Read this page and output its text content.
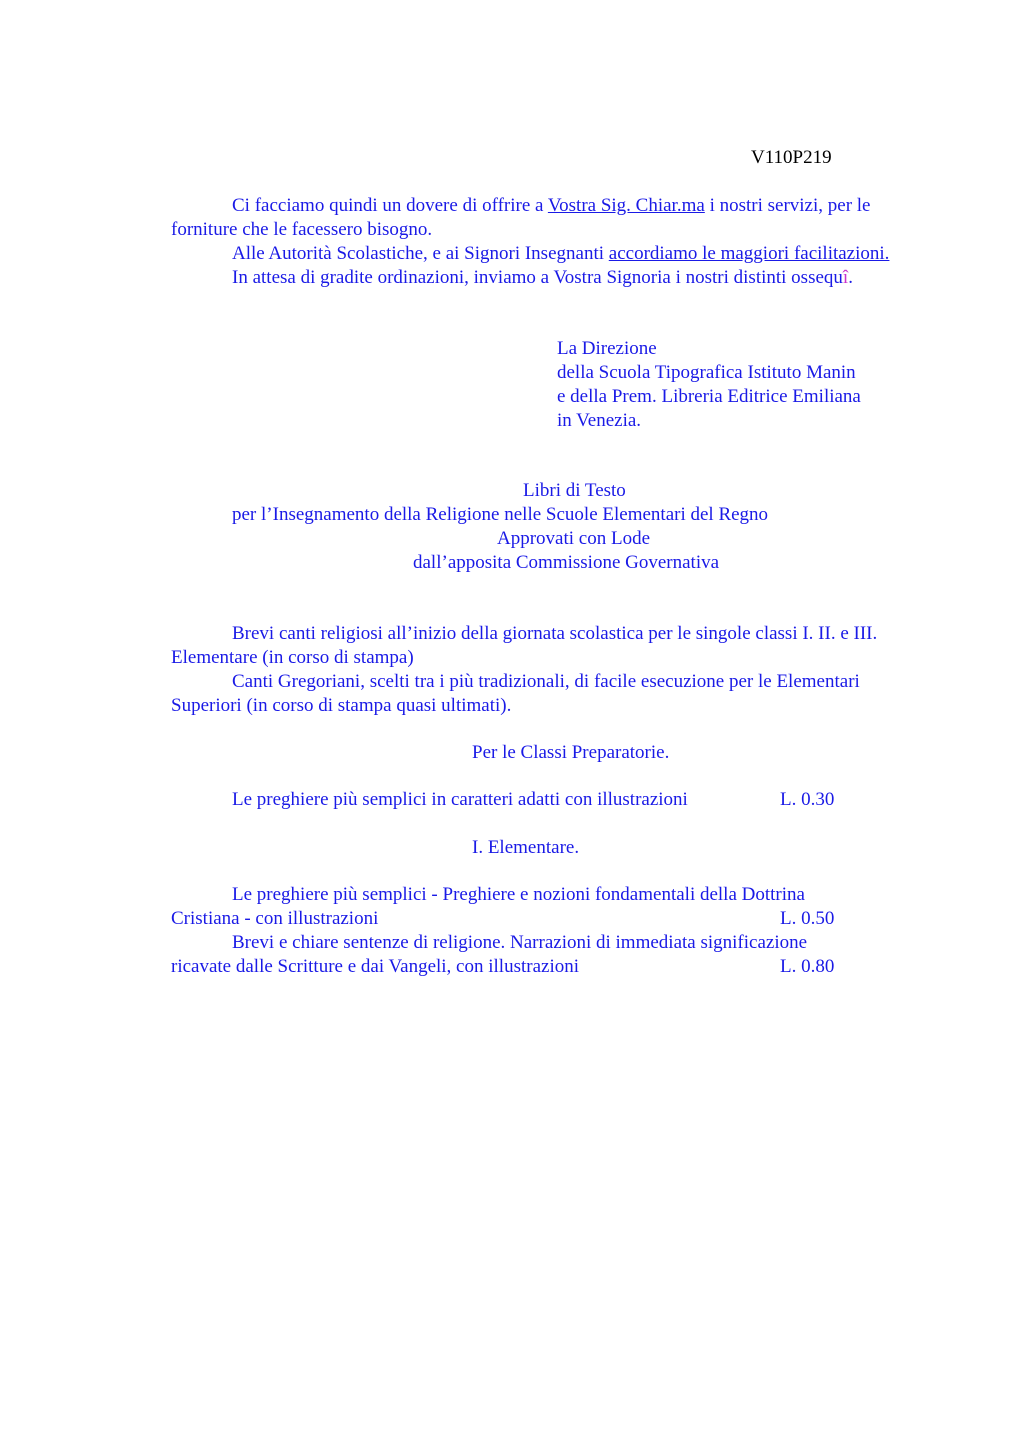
V110P219

Ci facciamo quindi un dovere di offrire a Vostra Sig. Chiar.ma i nostri servizi, per le forniture che le facessero bisogno.

Alle Autorità Scolastiche, e ai Signori Insegnanti accordiamo le maggiori facilitazioni.

In attesa di gradite ordinazioni, inviamo a Vostra Signoria i nostri distinti ossequî.

La Direzione
della Scuola Tipografica Istituto Manin
e della Prem. Libreria Editrice Emiliana
in Venezia.
Libri di Testo
per l’Insegnamento della Religione nelle Scuole Elementari del Regno
Approvati con Lode
dall’apposita Commissione Governativa

Brevi canti religiosi all’inizio della giornata scolastica per le singole classi I. II. e III. Elementare (in corso di stampa)

Canti Gregoriani, scelti tra i più tradizionali, di facile esecuzione per le Elementari Superiori (in corso di stampa quasi ultimati).

Per le Classi Preparatorie.
Le preghiere più semplici in caratteri adatti con illustrazioni	L. 0.30
I. Elementare.
Le preghiere più semplici - Preghiere e nozioni fondamentali della Dottrina
Cristiana - con illustrazioni	L. 0.50
Brevi e chiare sentenze di religione. Narrazioni di immediata significazione
ricavate dalle Scritture e dai Vangeli, con illustrazioni	L. 0.80
